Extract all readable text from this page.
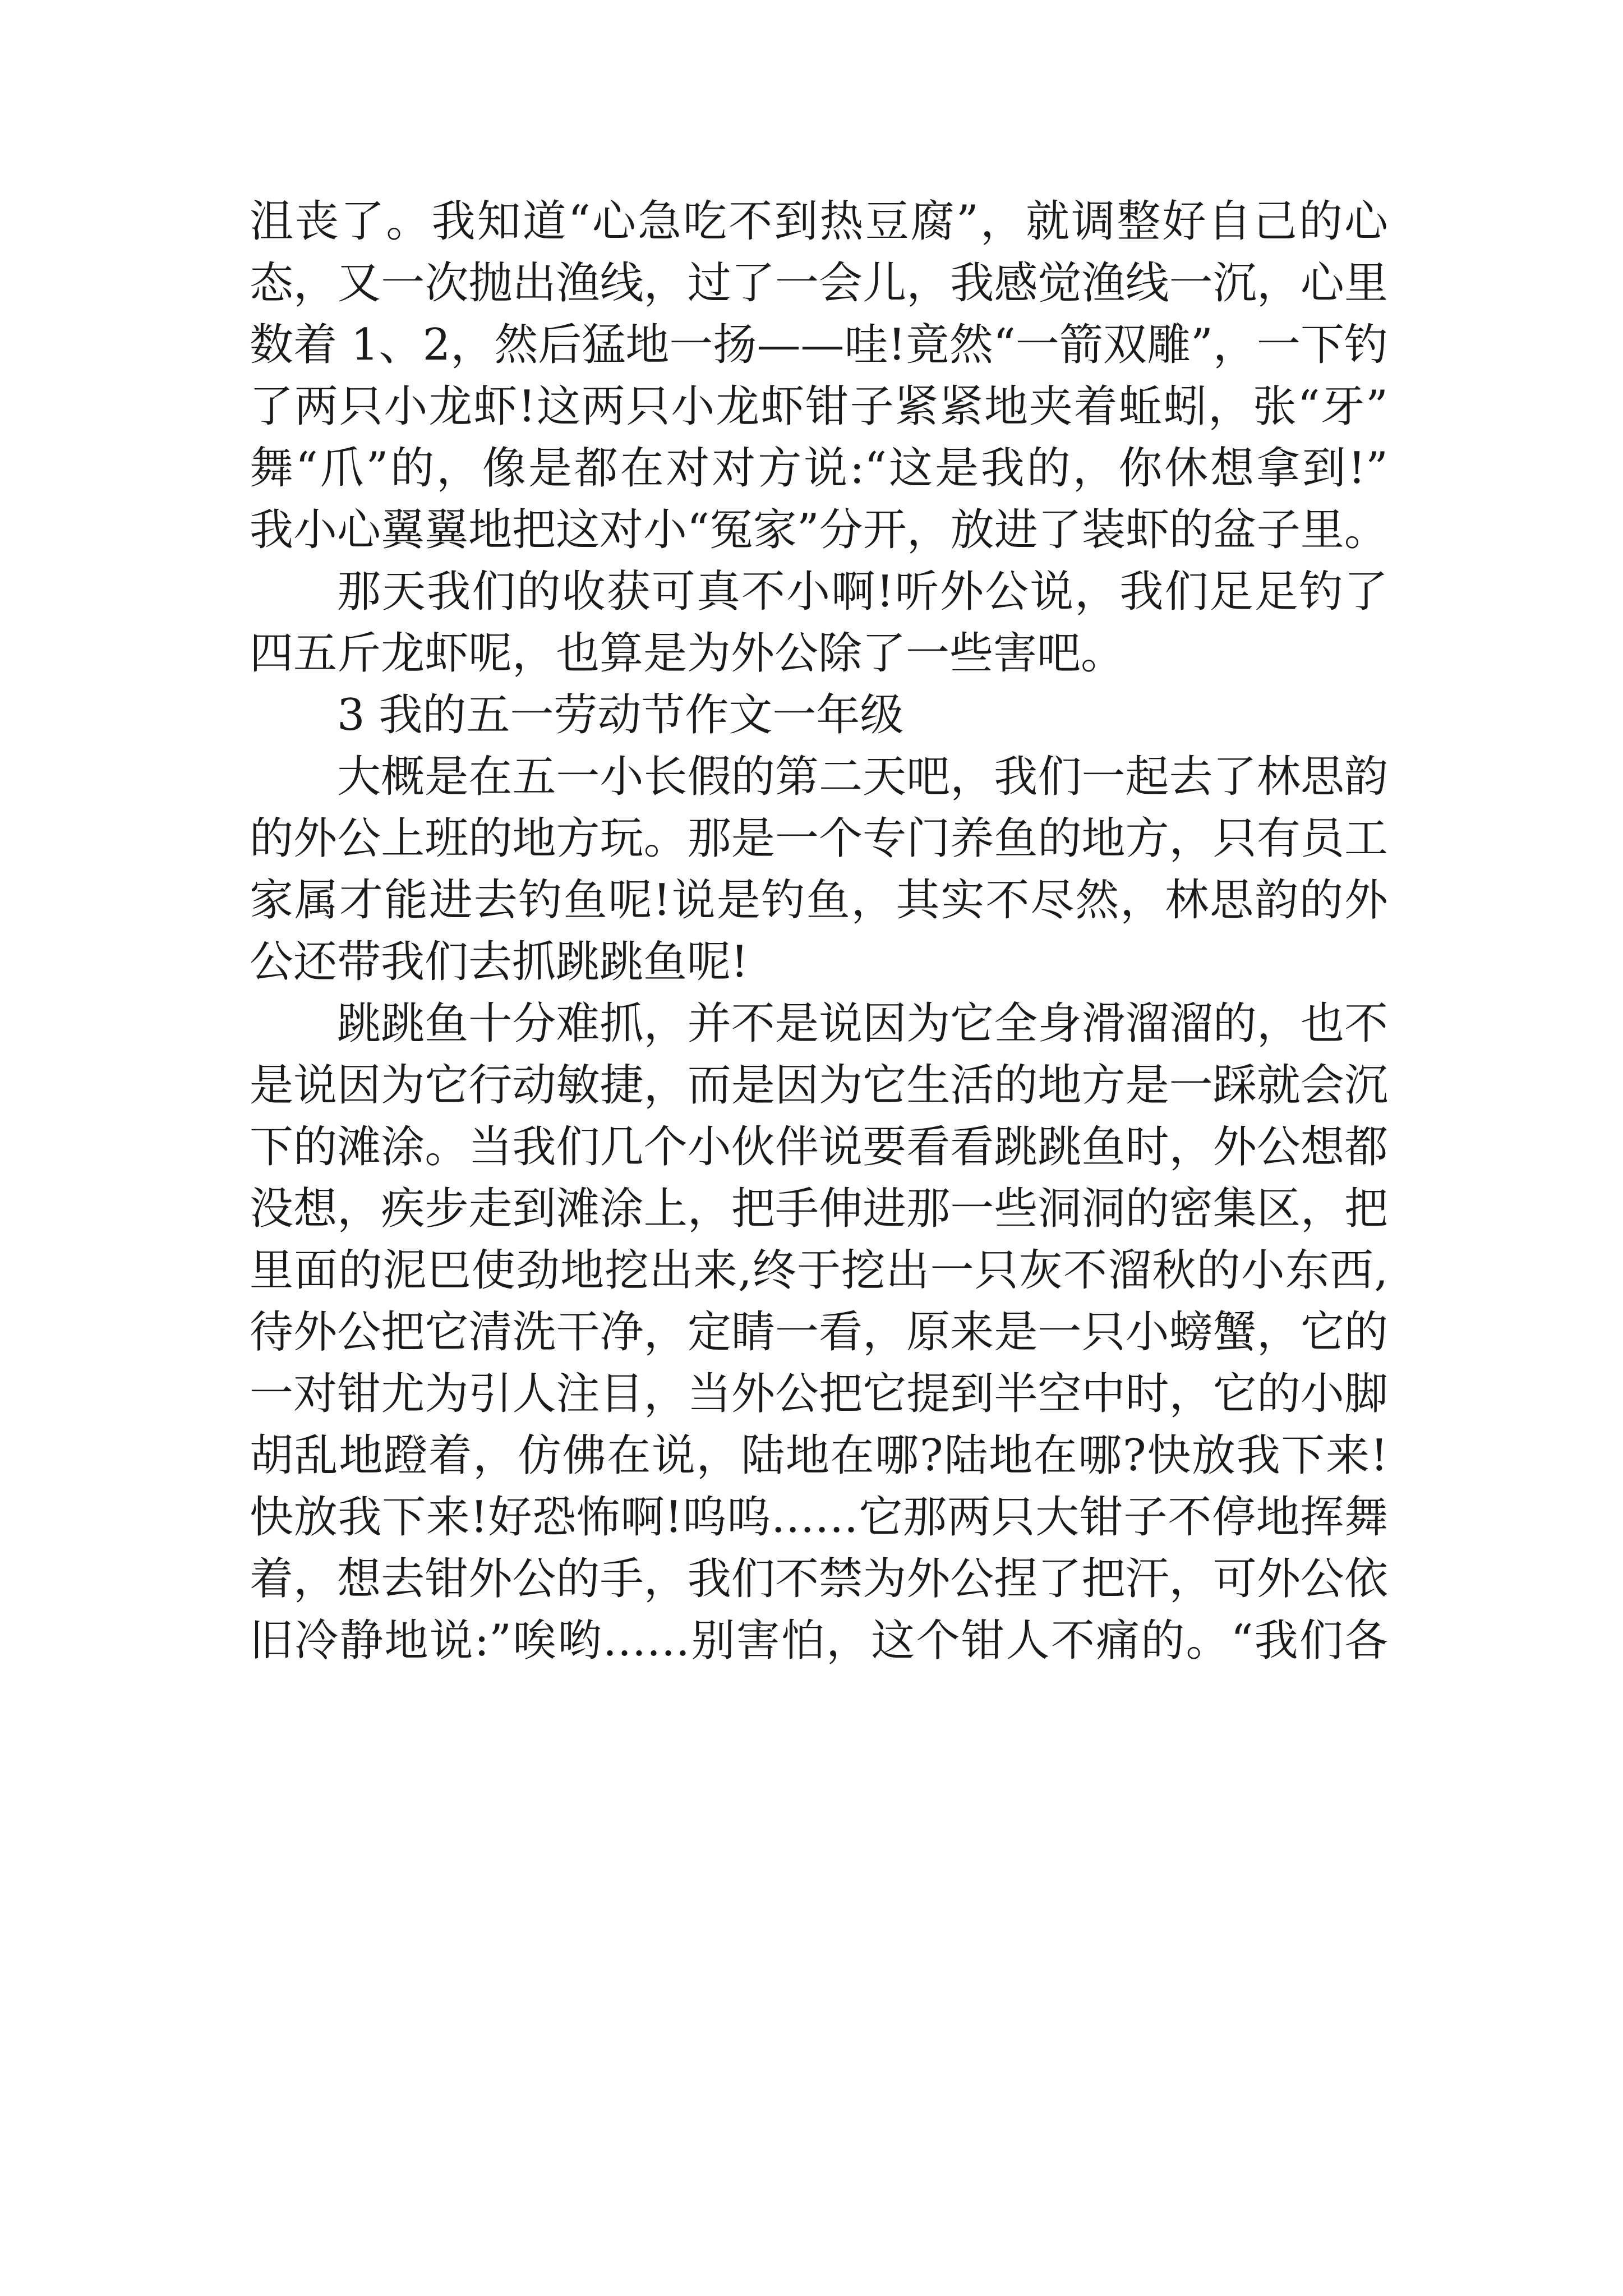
沮丧了。我知道“心急吃不到热豆腐”，就调整好自己的心
态，又一次抛出渔线，过了一会儿，我感觉渔线一沉，心里
数着 1、2，然后猛地一扬——哇!竟然“一箭双雕”，一下钓
了两只小龙虾!这两只小龙虾钳子紧紧地夹着蚯蚓，张“牙”
舞“爪”的，像是都在对对方说:“这是我的，你休想拿到!”
我小心翼翼地把这对小“冤家”分开，放进了装虾的盆子里。
那天我们的收获可真不小啊!听外公说，我们足足钓了
四五斤龙虾呢，也算是为外公除了一些害吧。
3 我的五一劳动节作文一年级
大概是在五一小长假的第二天吧，我们一起去了林思韵
的外公上班的地方玩。那是一个专门养鱼的地方，只有员工
家属才能进去钓鱼呢!说是钓鱼，其实不尽然，林思韵的外
公还带我们去抓跳跳鱼呢!
跳跳鱼十分难抓，并不是说因为它全身滑溜溜的，也不
是说因为它行动敏捷，而是因为它生活的地方是一踩就会沉
下的滩涂。当我们几个小伙伴说要看看跳跳鱼时，外公想都
没想，疾步走到滩涂上，把手伸进那一些洞洞的密集区，把
里面的泥巴使劲地挖出来,终于挖出一只灰不溜秋的小东西,
待外公把它清洗干净，定睛一看，原来是一只小螃蟹，它的
一对钳尤为引人注目，当外公把它提到半空中时，它的小脚
胡乱地蹬着，仿佛在说，陆地在哪?陆地在哪?快放我下来!
快放我下来!好恐怖啊!呜呜……它那两只大钳子不停地挥舞
着，想去钳外公的手，我们不禁为外公捏了把汗，可外公依
旧冷静地说:”唉哟……别害怕，这个钳人不痛的。“我们各
